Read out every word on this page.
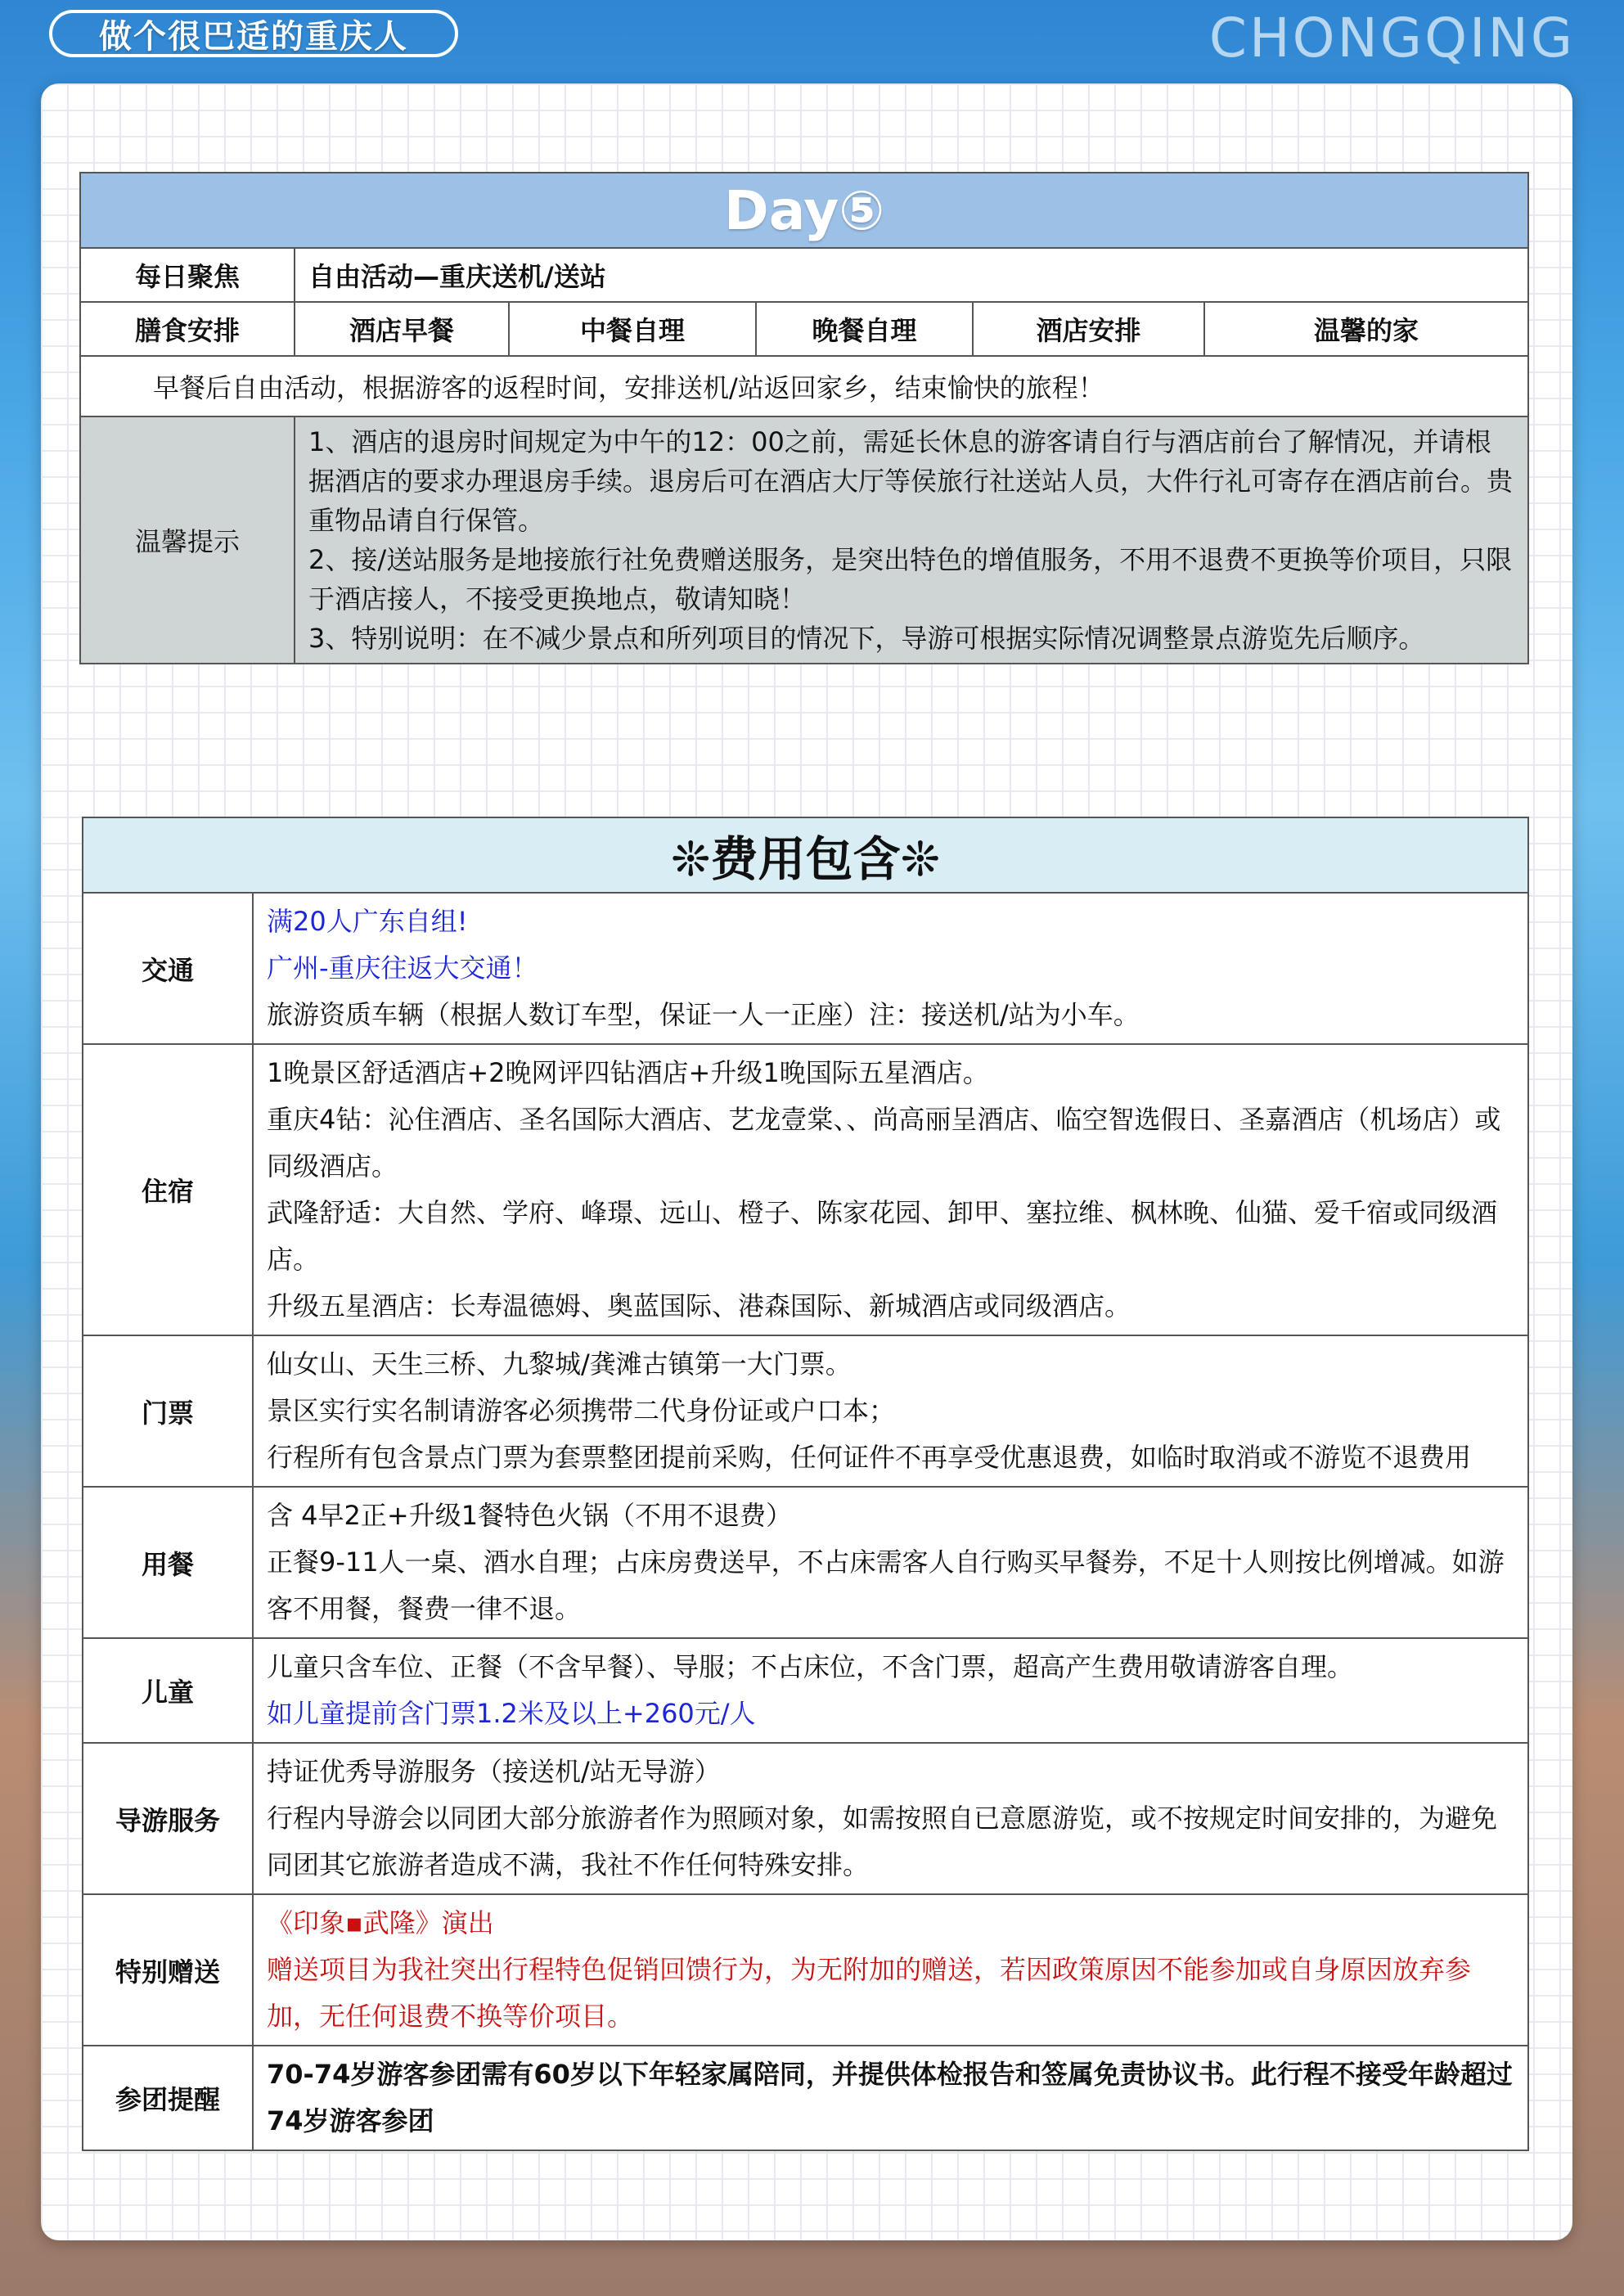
做个很巴适的重庆人	CHONGQING
Day⑤					
每日聚焦	自由活动—重庆送机/送站				
膳食安排	酒店早餐	中餐自理	晚餐自理	酒店安排	温馨的家
早餐后自由活动，根据游客的返程时间，安排送机/站返回家乡，结束愉快的旅程！					
温馨提示	1、酒店的退房时间规定为中午的12：00之前，需延长休息的游客请自行与酒店前台了解情况，并请根据酒店的要求办理退房手续。退房后可在酒店大厅等侯旅行社送站人员，大件行礼可寄存在酒店前台。贵重物品请自行保管。
2、接/送站服务是地接旅行社免费赠送服务，是突出特色的增值服务，不用不退费不更换等价项目，只限于酒店接人，不接受更换地点，敬请知晓！
3、特别说明：在不减少景点和所列项目的情况下，导游可根据实际情况调整景点游览先后顺序。				
❊费用包含❊	
交通	满20人广东自组!
广州-重庆往返大交通！
旅游资质车辆（根据人数订车型，保证一人一正座）注：接送机/站为小车。

住宿	1晚景区舒适酒店+2晚网评四钻酒店+升级1晚国际五星酒店。
重庆4钻：沁住酒店、圣名国际大酒店、艺龙壹棠、、尚高丽呈酒店、临空智选假日、圣嘉酒店（机场店）或同级酒店。
武隆舒适：大自然、学府、峰璟、远山、橙子、陈家花园、卸甲、塞拉维、枫林晚、仙猫、爱千宿或同级酒店。
升级五星酒店：长寿温德姆、奥蓝国际、港森国际、新城酒店或同级酒店。

门票	仙女山、天生三桥、九黎城/龚滩古镇第一大门票。
景区实行实名制请游客必须携带二代身份证或户口本；
行程所有包含景点门票为套票整团提前采购，任何证件不再享受优惠退费，如临时取消或不游览不退费用

用餐	含 4早2正+升级1餐特色火锅（不用不退费）
正餐9-11人一桌、酒水自理；占床房费送早，不占床需客人自行购买早餐券，不足十人则按比例增减。如游客不用餐，餐费一律不退。

儿童	儿童只含车位、正餐（不含早餐）、导服；不占床位，不含门票，超高产生费用敬请游客自理。
如儿童提前含门票1.2米及以上+260元/人

导游服务	持证优秀导游服务（接送机/站无导游）
行程内导游会以同团大部分旅游者作为照顾对象，如需按照自已意愿游览，或不按规定时间安排的，为避免同团其它旅游者造成不满，我社不作任何特殊安排。

特别赠送	《印象▪武隆》演出
赠送项目为我社突出行程特色促销回馈行为，为无附加的赠送，若因政策原因不能参加或自身原因放弃参加，无任何退费不换等价项目。

参团提醒	70-74岁游客参团需有60岁以下年轻家属陪同，并提供体检报告和签属免责协议书。此行程不接受年龄超过74岁游客参团
